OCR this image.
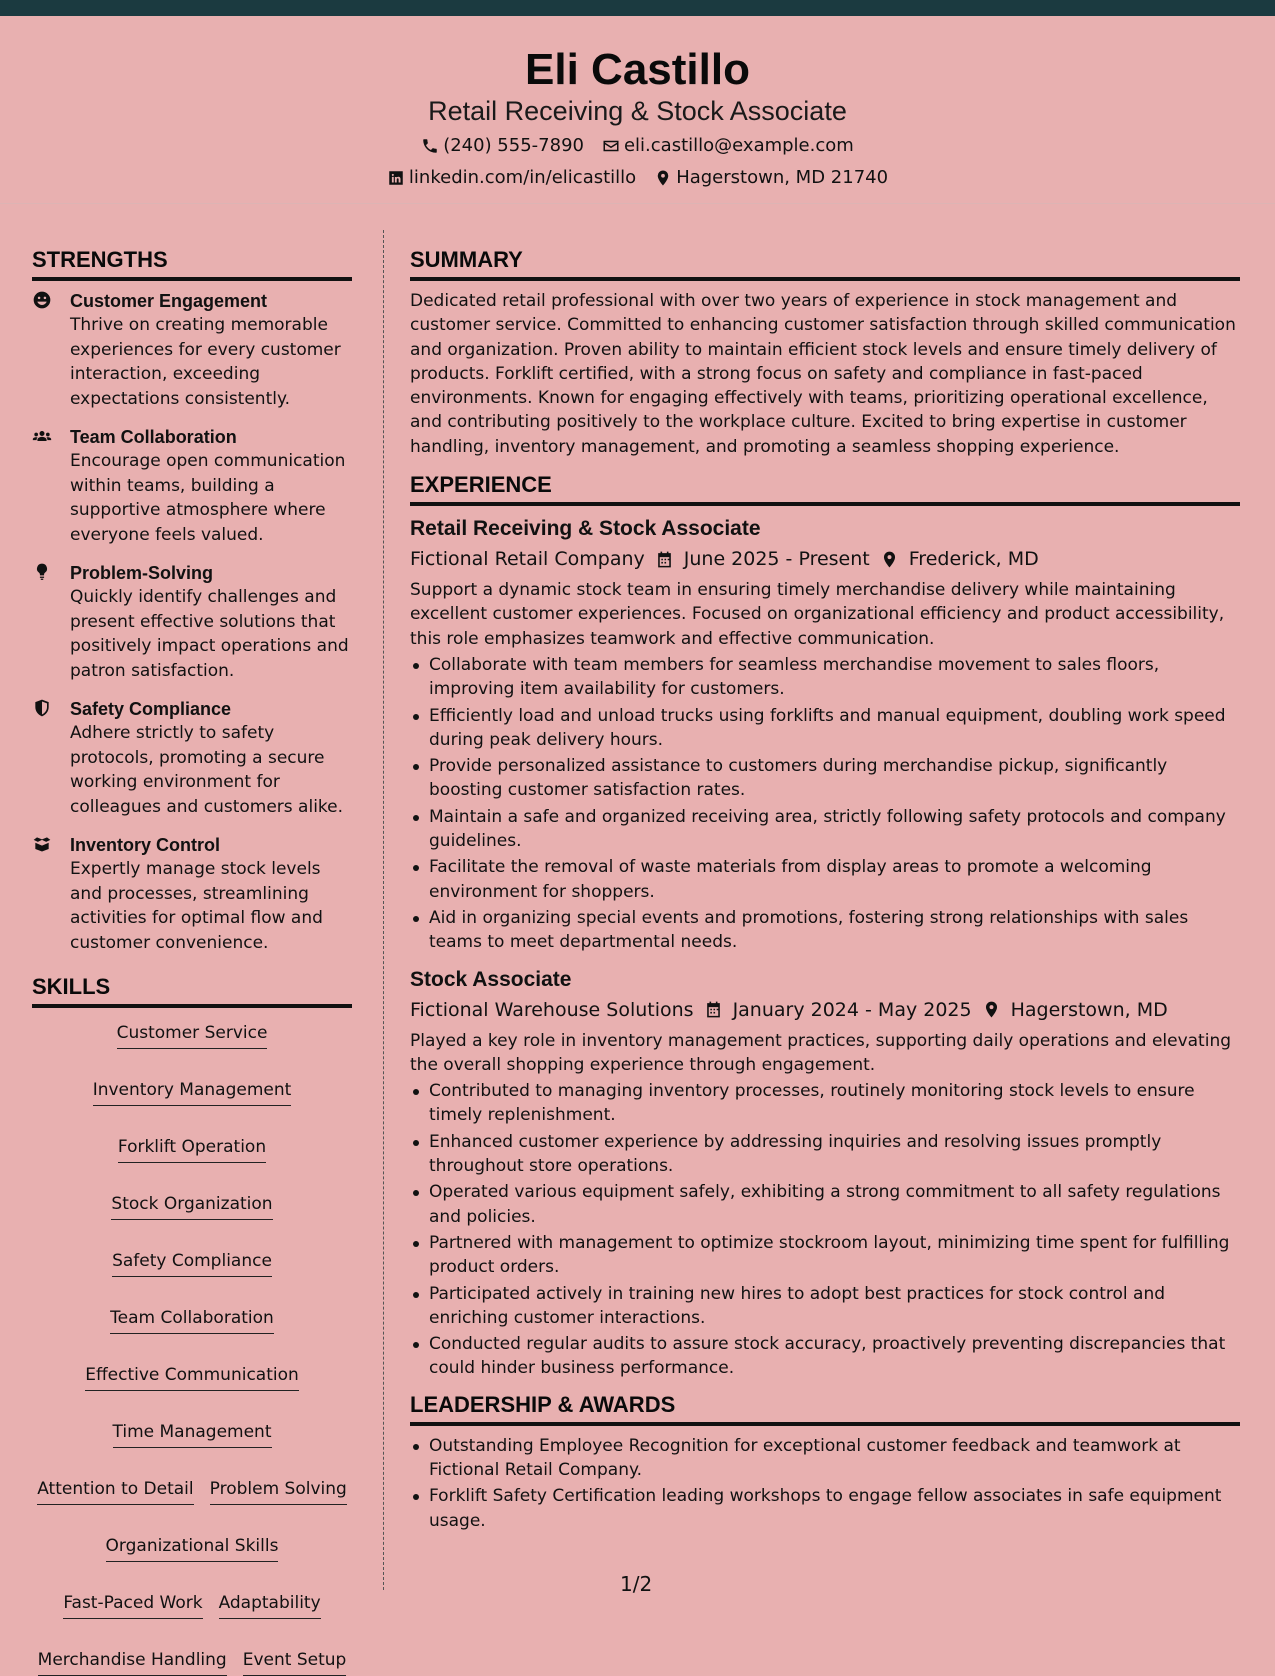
Eli Castillo
Retail Receiving & Stock Associate
(240) 555-7890 eli.castillo@example.com
linkedin.com/in/elicastillo Hagerstown, MD 21740
STRENGTHS
Customer Engagement
Thrive on creating memorable experiences for every customer interaction, exceeding expectations consistently.
Team Collaboration
Encourage open communication within teams, building a supportive atmosphere where everyone feels valued.
Problem-Solving
Quickly identify challenges and present effective solutions that positively impact operations and patron satisfaction.
Safety Compliance
Adhere strictly to safety protocols, promoting a secure working environment for colleagues and customers alike.
Inventory Control
Expertly manage stock levels and processes, streamlining activities for optimal flow and customer convenience.
SKILLS
Customer Service
Inventory Management
Forklift Operation
Stock Organization
Safety Compliance
Team Collaboration
Effective Communication
Time Management
Attention to Detail Problem Solving
Organizational Skills
Fast-Paced Work Adaptability
Merchandise Handling Event Setup
SUMMARY
Dedicated retail professional with over two years of experience in stock management and customer service. Committed to enhancing customer satisfaction through skilled communication and organization. Proven ability to maintain efficient stock levels and ensure timely delivery of products. Forklift certified, with a strong focus on safety and compliance in fast-paced environments. Known for engaging effectively with teams, prioritizing operational excellence, and contributing positively to the workplace culture. Excited to bring expertise in customer handling, inventory management, and promoting a seamless shopping experience.
EXPERIENCE
Retail Receiving & Stock Associate
Fictional Retail Company June 2025 - Present Frederick, MD
Support a dynamic stock team in ensuring timely merchandise delivery while maintaining excellent customer experiences. Focused on organizational efficiency and product accessibility, this role emphasizes teamwork and effective communication.
Collaborate with team members for seamless merchandise movement to sales floors, improving item availability for customers.
Efficiently load and unload trucks using forklifts and manual equipment, doubling work speed during peak delivery hours.
Provide personalized assistance to customers during merchandise pickup, significantly boosting customer satisfaction rates.
Maintain a safe and organized receiving area, strictly following safety protocols and company guidelines.
Facilitate the removal of waste materials from display areas to promote a welcoming environment for shoppers.
Aid in organizing special events and promotions, fostering strong relationships with sales teams to meet departmental needs.
Stock Associate
Fictional Warehouse Solutions January 2024 - May 2025 Hagerstown, MD
Played a key role in inventory management practices, supporting daily operations and elevating the overall shopping experience through engagement.
Contributed to managing inventory processes, routinely monitoring stock levels to ensure timely replenishment.
Enhanced customer experience by addressing inquiries and resolving issues promptly throughout store operations.
Operated various equipment safely, exhibiting a strong commitment to all safety regulations and policies.
Partnered with management to optimize stockroom layout, minimizing time spent for fulfilling product orders.
Participated actively in training new hires to adopt best practices for stock control and enriching customer interactions.
Conducted regular audits to assure stock accuracy, proactively preventing discrepancies that could hinder business performance.
LEADERSHIP & AWARDS
Outstanding Employee Recognition for exceptional customer feedback and teamwork at Fictional Retail Company.
Forklift Safety Certification leading workshops to engage fellow associates in safe equipment usage.
1/2
